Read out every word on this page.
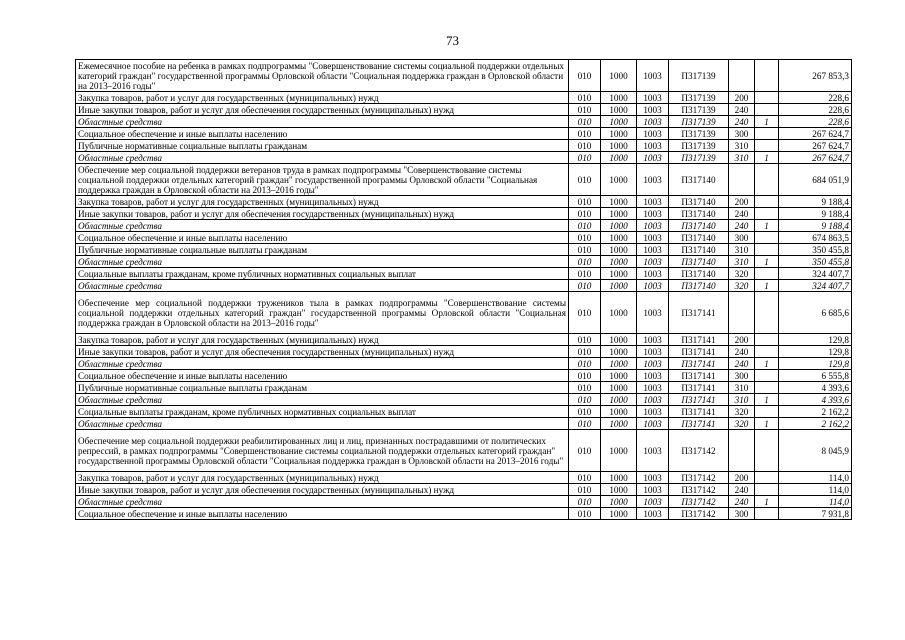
73
Ежемесячное пособие на ребенка в рамках подпрограммы "Совершенствование системы социальной поддержки отдельных категорий граждан" государственной программы Орловской области "Социальная поддержка граждан в Орловской области на 2013–2016 годы"	010	1000	1003	П317139			267 853,3
Закупка товаров, работ и услуг для государственных (муниципальных) нужд	010	1000	1003	П317139	200		228,6
Иные закупки товаров, работ и услуг для обеспечения государственных (муниципальных) нужд	010	1000	1003	П317139	240		228,6
Областные средства	010	1000	1003	П317139	240	1	228,6
Социальное обеспечение и иные выплаты населению	010	1000	1003	П317139	300		267 624,7
Публичные нормативные социальные выплаты гражданам	010	1000	1003	П317139	310		267 624,7
Областные средства	010	1000	1003	П317139	310	1	267 624,7
Обеспечение мер социальной поддержки ветеранов труда в рамках подпрограммы "Совершенствование системы социальной поддержки отдельных категорий граждан" государственной программы Орловской области "Социальная поддержка граждан в Орловской области на 2013–2016 годы"	010	1000	1003	П317140			684 051,9
Закупка товаров, работ и услуг для государственных (муниципальных) нужд	010	1000	1003	П317140	200		9 188,4
Иные закупки товаров, работ и услуг для обеспечения государственных (муниципальных) нужд	010	1000	1003	П317140	240		9 188,4
Областные средства	010	1000	1003	П317140	240	1	9 188,4
Социальное обеспечение и иные выплаты населению	010	1000	1003	П317140	300		674 863,5
Публичные нормативные социальные выплаты гражданам	010	1000	1003	П317140	310		350 455,8
Областные средства	010	1000	1003	П317140	310	1	350 455,8
Социальные выплаты гражданам, кроме публичных нормативных социальных выплат	010	1000	1003	П317140	320		324 407,7
Областные средства	010	1000	1003	П317140	320	1	324 407,7
Обеспечение мер социальной поддержки тружеников тыла в рамках подпрограммы "Совершенствование системы социальной поддержки отдельных категорий граждан" государственной программы Орловской области "Социальная поддержка граждан в Орловской области на 2013–2016 годы"	010	1000	1003	П317141			6 685,6
Закупка товаров, работ и услуг для государственных (муниципальных) нужд	010	1000	1003	П317141	200		129,8
Иные закупки товаров, работ и услуг для обеспечения государственных (муниципальных) нужд	010	1000	1003	П317141	240		129,8
Областные средства	010	1000	1003	П317141	240	1	129,8
Социальное обеспечение и иные выплаты населению	010	1000	1003	П317141	300		6 555,8
Публичные нормативные социальные выплаты гражданам	010	1000	1003	П317141	310		4 393,6
Областные средства	010	1000	1003	П317141	310	1	4 393,6
Социальные выплаты гражданам, кроме публичных нормативных социальных выплат	010	1000	1003	П317141	320		2 162,2
Областные средства	010	1000	1003	П317141	320	1	2 162,2
Обеспечение мер социальной поддержки реабилитированных лиц и лиц, признанных пострадавшими от политических репрессий, в рамках подпрограммы "Совершенствование системы социальной поддержки отдельных категорий граждан" государственной программы Орловской области "Социальная поддержка граждан в Орловской области на 2013–2016 годы"	010	1000	1003	П317142			8 045,9
Закупка товаров, работ и услуг для государственных (муниципальных) нужд	010	1000	1003	П317142	200		114,0
Иные закупки товаров, работ и услуг для обеспечения государственных (муниципальных) нужд	010	1000	1003	П317142	240		114,0
Областные средства	010	1000	1003	П317142	240	1	114,0
Социальное обеспечение и иные выплаты населению	010	1000	1003	П317142	300		7 931,8
